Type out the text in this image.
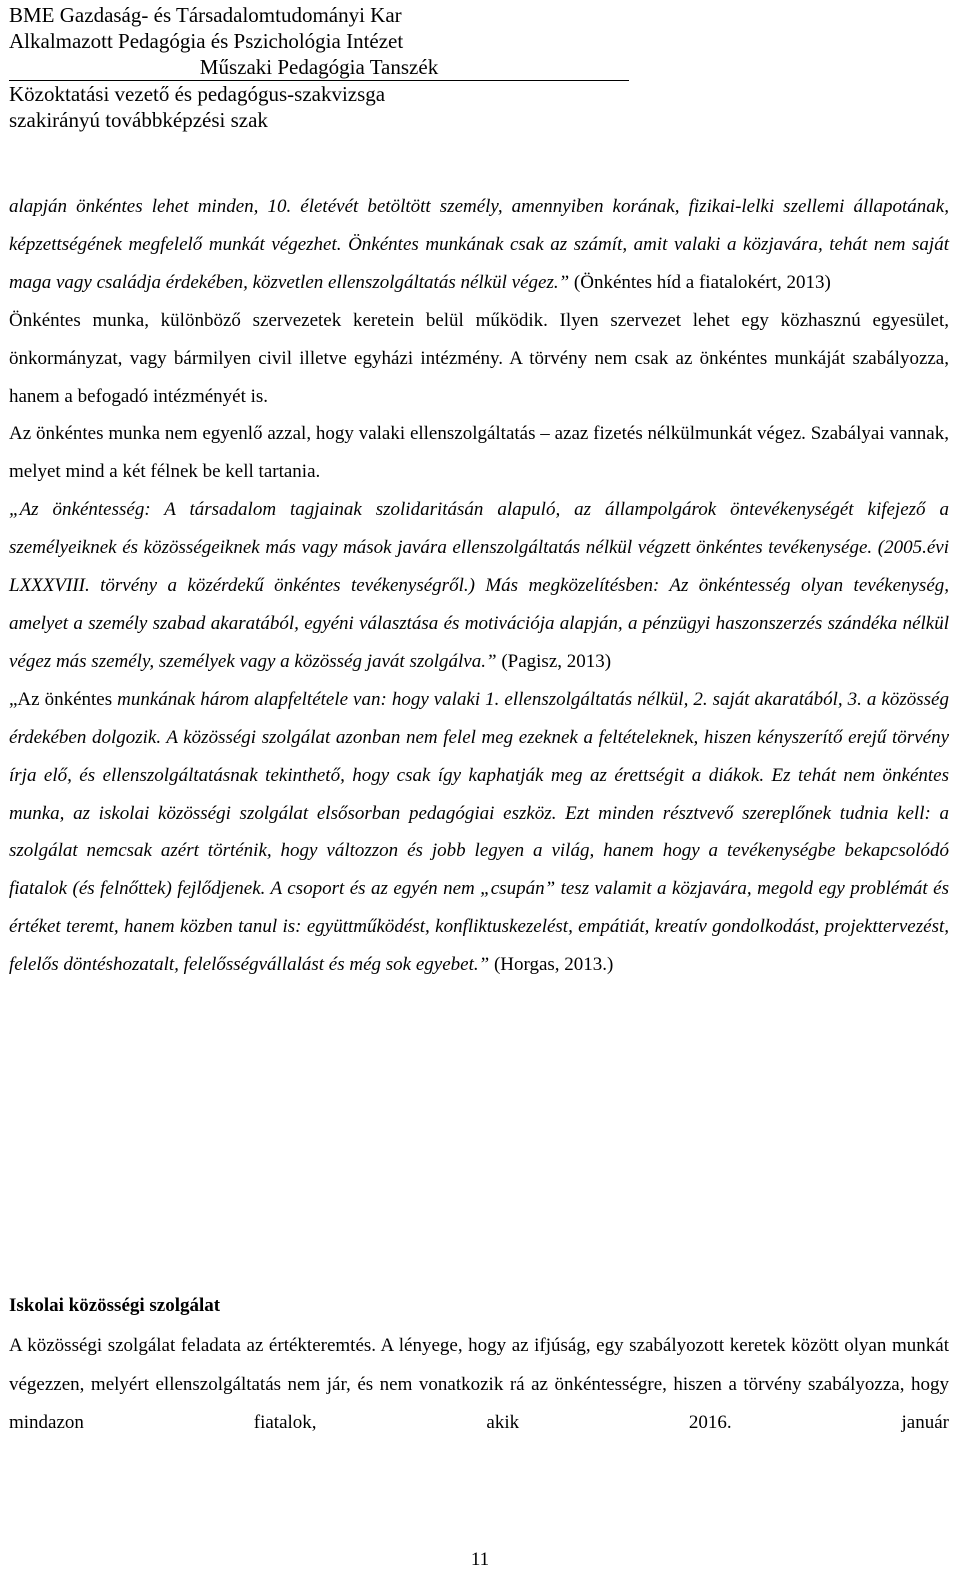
BME Gazdaság- és Társadalomtudományi Kar
Alkalmazott Pedagógia és Pszichológia Intézet
Műszaki Pedagógia Tanszék
Közoktatási vezető és pedagógus-szakvizsga
szakirányú továbbképzési szak

alapján önkéntes lehet minden, 10. életévét betöltött személy, amennyiben korának, fizikai-lelki szellemi állapotának, képzettségének megfelelő munkát végezhet. Önkéntes munkának csak az számít, amit valaki a közjavára, tehát nem saját maga vagy családja érdekében, közvetlen ellenszolgáltatás nélkül végez.” (Önkéntes híd a fiatalokért, 2013)

Önkéntes munka, különböző szervezetek keretein belül működik. Ilyen szervezet lehet egy közhasznú egyesület, önkormányzat, vagy bármilyen civil illetve egyházi intézmény. A törvény nem csak az önkéntes munkáját szabályozza, hanem a befogadó intézményét is.

Az önkéntes munka nem egyenlő azzal, hogy valaki ellenszolgáltatás – azaz fizetés nélkülmunkát végez. Szabályai vannak, melyet mind a két félnek be kell tartania.

„Az önkéntesség: A társadalom tagjainak szolidaritásán alapuló, az állampolgárok öntevékenységét kifejező a személyeiknek és közösségeiknek más vagy mások javára ellenszolgáltatás nélkül végzett önkéntes tevékenysége. (2005.évi LXXXVIII. törvény a közérdekű önkéntes tevékenységről.) Más megközelítésben: Az önkéntesség olyan tevékenység, amelyet a személy szabad akaratából, egyéni választása és motivációja alapján, a pénzügyi haszonszerzés szándéka nélkül végez más személy, személyek vagy a közösség javát szolgálva.” (Pagisz, 2013)

„Az önkéntes munkának három alapfeltétele van: hogy valaki 1. ellenszolgáltatás nélkül, 2. saját akaratából, 3. a közösség érdekében dolgozik. A közösségi szolgálat azonban nem felel meg ezeknek a feltételeknek, hiszen kényszerítő erejű törvény írja elő, és ellenszolgáltatásnak tekinthető, hogy csak így kaphatják meg az érettségit a diákok. Ez tehát nem önkéntes munka, az iskolai közösségi szolgálat elsősorban pedagógiai eszköz. Ezt minden résztvevő szereplőnek tudnia kell: a szolgálat nemcsak azért történik, hogy változzon és jobb legyen a világ, hanem hogy a tevékenységbe bekapcsolódó fiatalok (és felnőttek) fejlődjenek. A csoport és az egyén nem „csupán” tesz valamit a közjavára, megold egy problémát és értéket teremt, hanem közben tanul is: együttműködést, konfliktuskezelést, empátiát, kreatív gondolkodást, projekttervezést, felelős döntéshozatalt, felelősségvállalást és még sok egyebet.” (Horgas, 2013.)

Iskolai közösségi szolgálat

A közösségi szolgálat feladata az értékteremtés. A lényege, hogy az ifjúság, egy szabályozott keretek között olyan munkát végezzen, melyért ellenszolgáltatás nem jár, és nem vonatkozik rá az önkéntességre, hiszen a törvény szabályozza, hogy mindazon fiatalok, akik 2016. január

11
